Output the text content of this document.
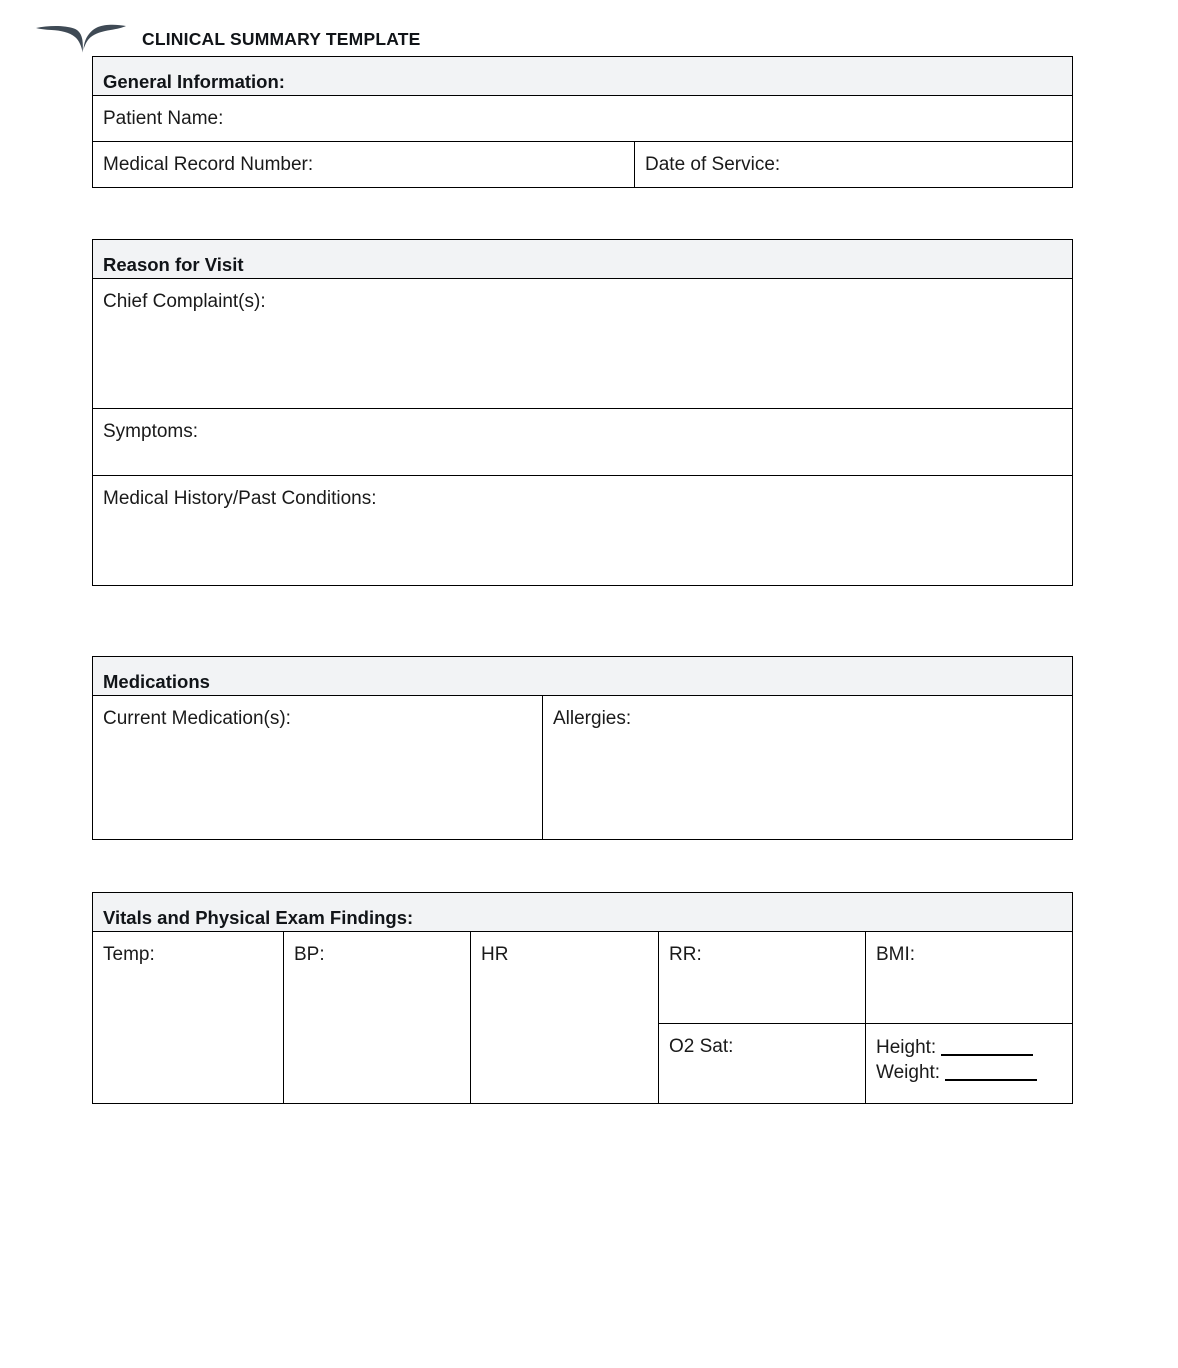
CLINICAL SUMMARY TEMPLATE
General Information:
Patient Name:
Medical Record Number:	Date of Service:
Reason for Visit
Chief Complaint(s):
Symptoms:
Medical History/Past Conditions:
Medications
Current Medication(s):	Allergies:
Vitals and Physical Exam Findings:				
Temp:	BP:	HR	RR:	BMI:
			O2 Sat:	Height:
Weight:
